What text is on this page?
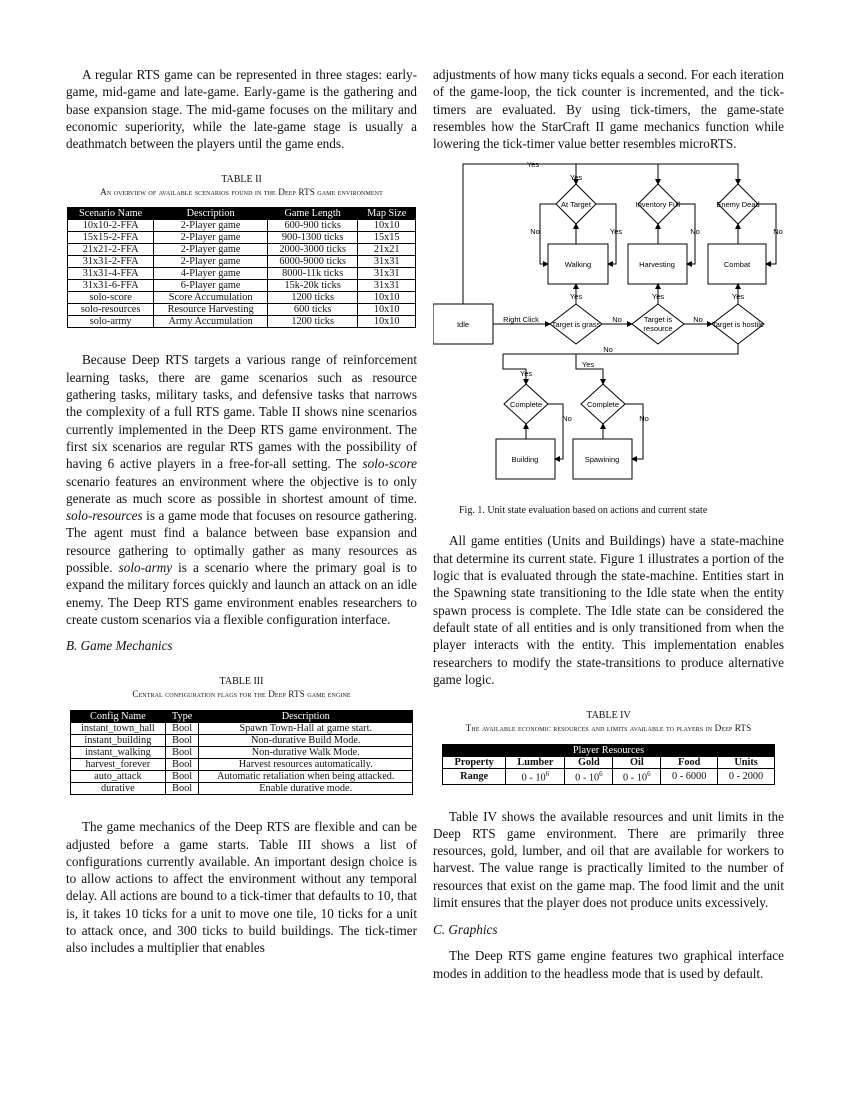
A regular RTS game can be represented in three stages: early-game, mid-game and late-game. Early-game is the gathering and base expansion stage. The mid-game focuses on the military and economic superiority, while the late-game stage is usually a deathmatch between the players until the game ends.

TABLE II
An overview of available scenarios found in the Deep RTS game environment
Scenario Name	Description	Game Length	Map Size
10x10-2-FFA	2-Player game	600-900 ticks	10x10
15x15-2-FFA	2-Player game	900-1300 ticks	15x15
21x21-2-FFA	2-Player game	2000-3000 ticks	21x21
31x31-2-FFA	2-Player game	6000-9000 ticks	31x31
31x31-4-FFA	4-Player game	8000-11k ticks	31x31
31x31-6-FFA	6-Player game	15k-20k ticks	31x31
solo-score	Score Accumulation	1200 ticks	10x10
solo-resources	Resource Harvesting	600 ticks	10x10
solo-army	Army Accumulation	1200 ticks	10x10

Because Deep RTS targets a various range of reinforcement learning tasks, there are game scenarios such as resource gathering tasks, military tasks, and defensive tasks that narrows the complexity of a full RTS game. Table II shows nine scenarios currently implemented in the Deep RTS game environment. The first six scenarios are regular RTS games with the possibility of having 6 active players in a free-for-all setting. The solo-score scenario features an environment where the objective is to only generate as much score as possible in shortest amount of time. solo-resources is a game mode that focuses on resource gathering. The agent must find a balance between base expansion and resource gathering to optimally gather as many resources as possible. solo-army is a scenario where the primary goal is to expand the military forces quickly and launch an attack on an idle enemy. The Deep RTS game environment enables researchers to create custom scenarios via a flexible configuration interface.

B. Game Mechanics

TABLE III
Central configuration flags for the Deep RTS game engine
Config Name	Type	Description
instant_town_hall	Bool	Spawn Town-Hall at game start.
instant_building	Bool	Non-durative Build Mode.
instant_walking	Bool	Non-durative Walk Mode.
harvest_forever	Bool	Harvest resources automatically.
auto_attack	Bool	Automatic retaliation when being attacked.
durative	Bool	Enable durative mode.

The game mechanics of the Deep RTS are flexible and can be adjusted before a game starts. Table III shows a list of configurations currently available. An important design choice is to allow actions to affect the environment without any temporal delay. All actions are bound to a tick-timer that defaults to 10, that is, it takes 10 ticks for a unit to move one tile, 10 ticks for a unit to attack once, and 300 ticks to build buildings. The tick-timer also includes a multiplier that enables

adjustments of how many ticks equals a second. For each iteration of the game-loop, the tick counter is incremented, and the tick-timers are evaluated. By using tick-timers, the game-state resembles how the StarCraft II game mechanics function while lowering the tick-timer value better resembles microRTS.

Yes
Yes
At Target	Inventory Full	Enemy Dead
No	Yes	No	No
Walking	Harvesting	Combat
Yes	Yes	Yes
Idle
Right Click
Target is grass
Target is
resource	Target is hostile
No	No
No
Yes
Yes
Complete	Complete
No	No
Building	Spawining
Fig. 1. Unit state evaluation based on actions and current state

All game entities (Units and Buildings) have a state-machine that determine its current state. Figure 1 illustrates a portion of the logic that is evaluated through the state-machine. Entities start in the Spawning state transitioning to the Idle state when the entity spawn process is complete. The Idle state can be considered the default state of all entities and is only transitioned from when the player interacts with the entity. This implementation enables researchers to modify the state-transitions to produce alternative game logic.

TABLE IV
The available economic resources and limits available to players in Deep RTS
Player Resources					
Property	Lumber	Gold	Oil	Food	Units
Range	$0 - 10^6$	$0 - 10^6$	$0 - 10^6$	0 - 6000	0 - 2000

Table IV shows the available resources and unit limits in the Deep RTS game environment. There are primarily three resources, gold, lumber, and oil that are available for workers to harvest. The value range is practically limited to the number of resources that exist on the game map. The food limit and the unit limit ensures that the player does not produce units excessively.

C. Graphics

The Deep RTS game engine features two graphical interface modes in addition to the headless mode that is used by default.
